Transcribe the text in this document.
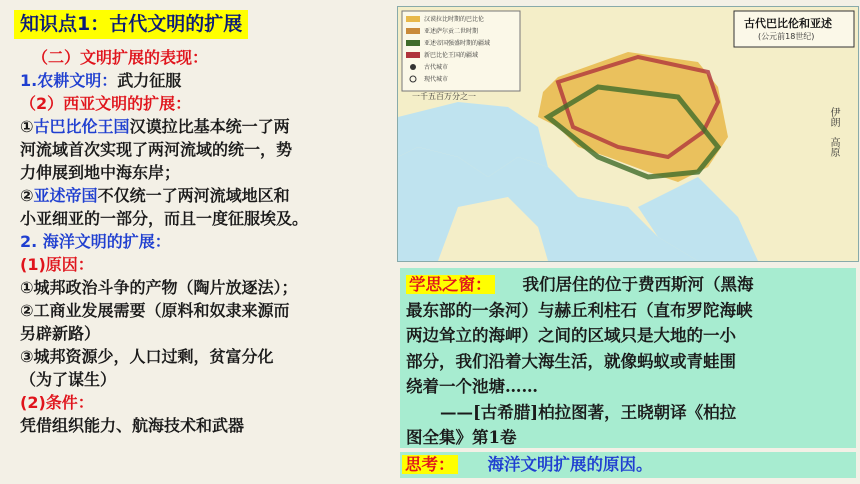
知识点1：古代文明的扩展

（二）文明扩展的表现：

1.农耕文明：武力征服

（2）西亚文明的扩展：

①古巴比伦王国汉谟拉比基本统一了两

河流域首次实现了两河流域的统一，势

力伸展到地中海东岸；

②亚述帝国不仅统一了两河流域地区和

小亚细亚的一部分，而且一度征服埃及。

2. 海洋文明的扩展：

(1)原因：

①城邦政治斗争的产物（陶片放逐法）；

②工商业发展需要（原料和奴隶来源而

另辟新路）

③城邦资源少，人口过剩，贫富分化

（为了谋生）

(2)条件：

凭借组织能力、航海技术和武器

汉谟拉比时期的巴比伦
亚述萨尔贡二世时期
亚述帝国强盛时期的疆域
新巴比伦王国的疆域
古代城市
现代城市
一千五百万分之一
古代巴比伦和亚述
(公元前18世纪)
伊朗
高原
学思之窗： 我们居住的位于费西斯河（黑海
最东部的一条河）与赫丘利柱石（直布罗陀海峡
两边耸立的海岬）之间的区域只是大地的一小
部分，我们沿着大海生活，就像蚂蚁或青蛙围
绕着一个池塘……
——[古希腊]柏拉图著，王晓朝译《柏拉
图全集》第1卷
思考： 海洋文明扩展的原因。
